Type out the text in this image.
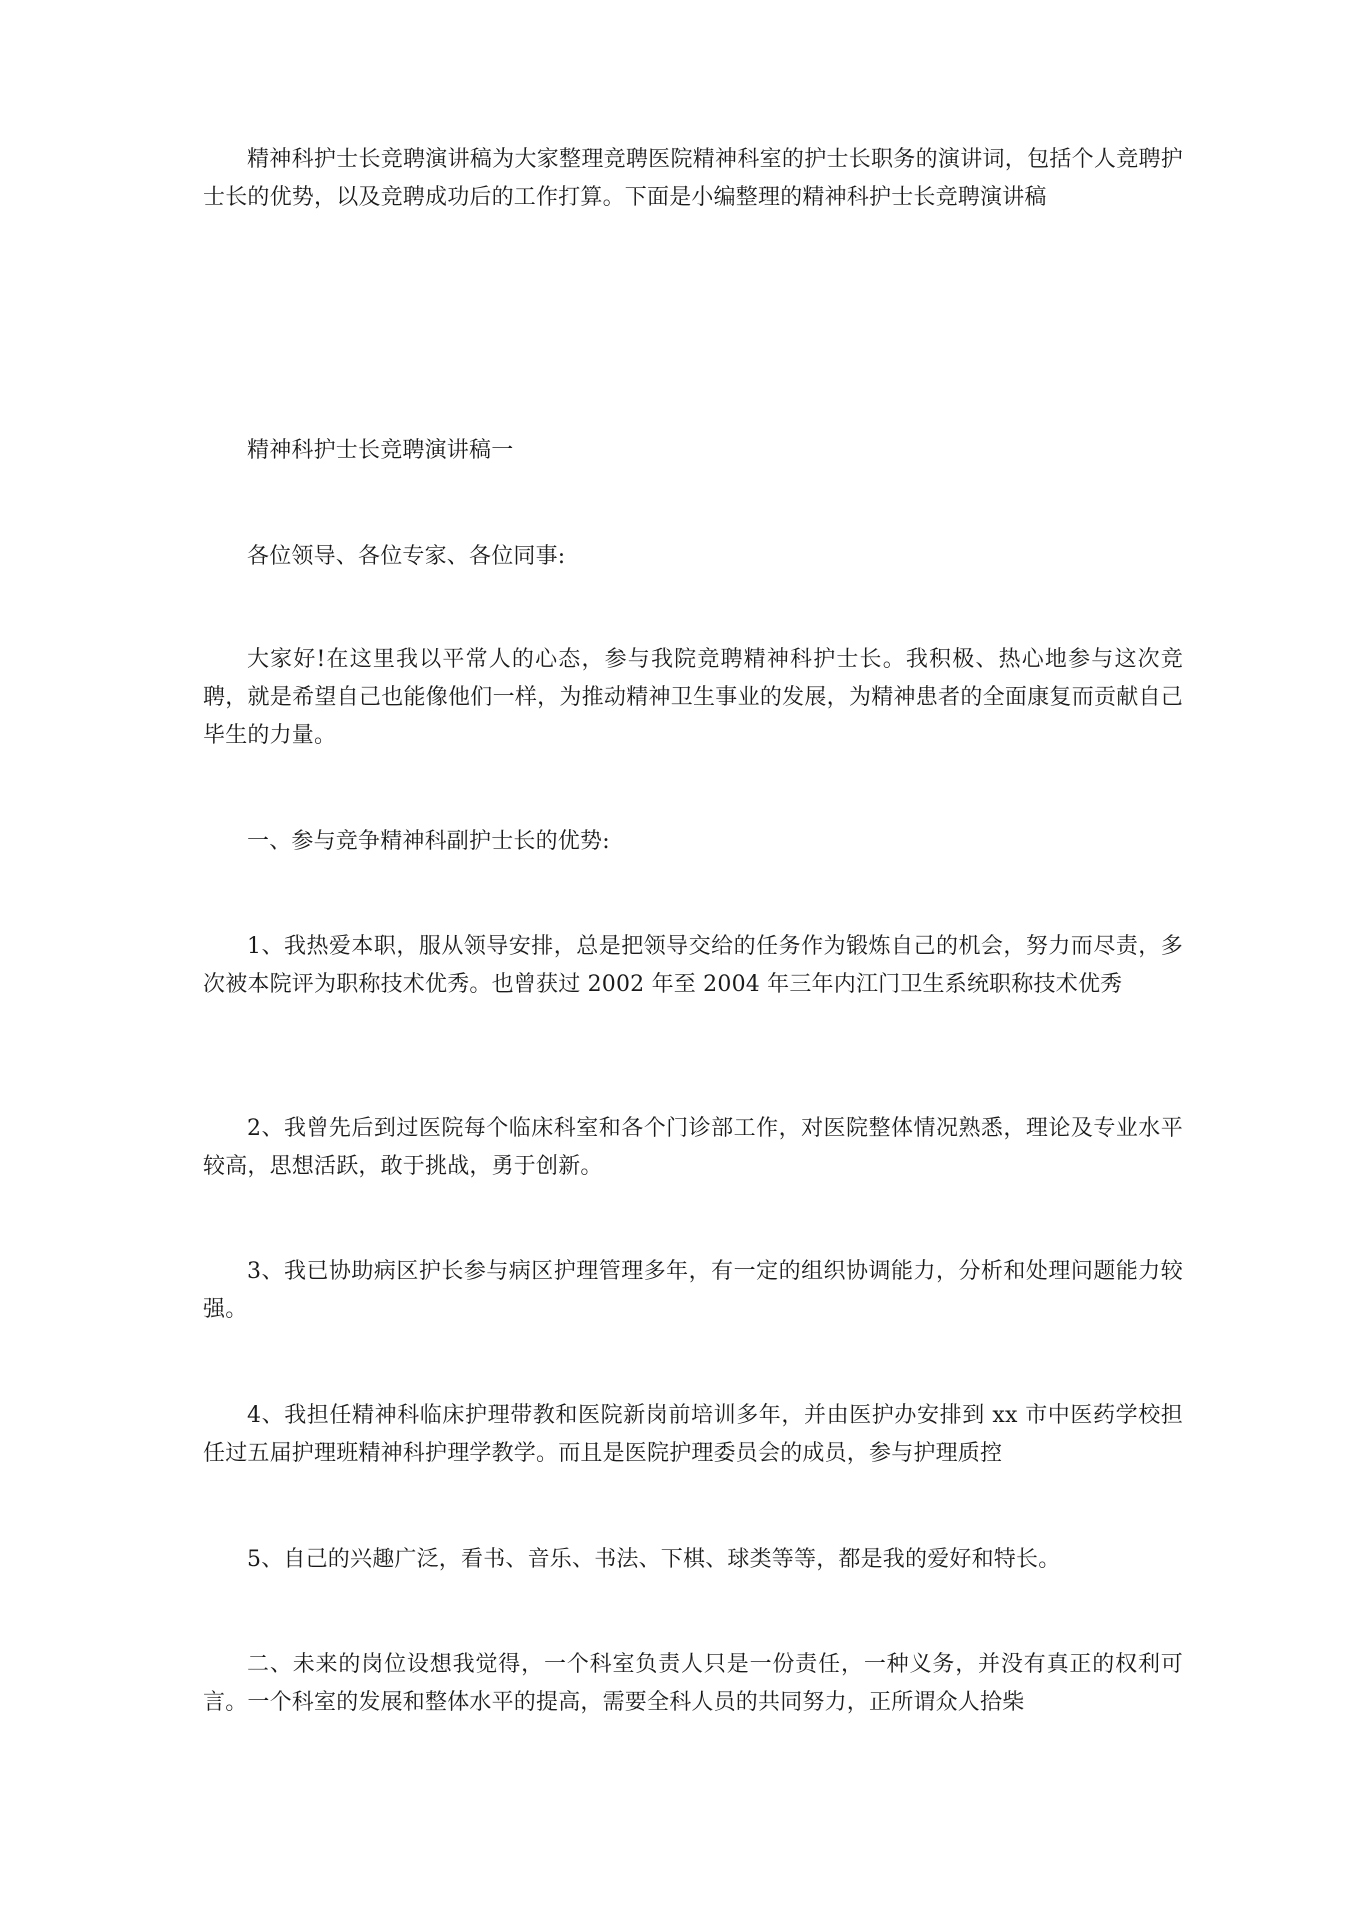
精神科护士长竞聘演讲稿为大家整理竞聘医院精神科室的护士长职务的演讲词，包括个人竞聘护士长的优势，以及竞聘成功后的工作打算。下面是小编整理的精神科护士长竞聘演讲稿

精神科护士长竞聘演讲稿一

各位领导、各位专家、各位同事:

大家好!在这里我以平常人的心态，参与我院竞聘精神科护士长。我积极、热心地参与这次竞聘，就是希望自己也能像他们一样，为推动精神卫生事业的发展，为精神患者的全面康复而贡献自己毕生的力量。

一、参与竞争精神科副护士长的优势:

1、我热爱本职，服从领导安排，总是把领导交给的任务作为锻炼自己的机会，努力而尽责，多次被本院评为职称技术优秀。也曾获过 2002 年至 2004 年三年内江门卫生系统职称技术优秀

2、我曾先后到过医院每个临床科室和各个门诊部工作，对医院整体情况熟悉，理论及专业水平较高，思想活跃，敢于挑战，勇于创新。

3、我已协助病区护长参与病区护理管理多年，有一定的组织协调能力，分析和处理问题能力较强。

4、我担任精神科临床护理带教和医院新岗前培训多年，并由医护办安排到 xx 市中医药学校担任过五届护理班精神科护理学教学。而且是医院护理委员会的成员，参与护理质控

5、自己的兴趣广泛，看书、音乐、书法、下棋、球类等等，都是我的爱好和特长。

二、未来的岗位设想我觉得，一个科室负责人只是一份责任，一种义务，并没有真正的权利可言。一个科室的发展和整体水平的提高，需要全科人员的共同努力，正所谓众人拾柴
